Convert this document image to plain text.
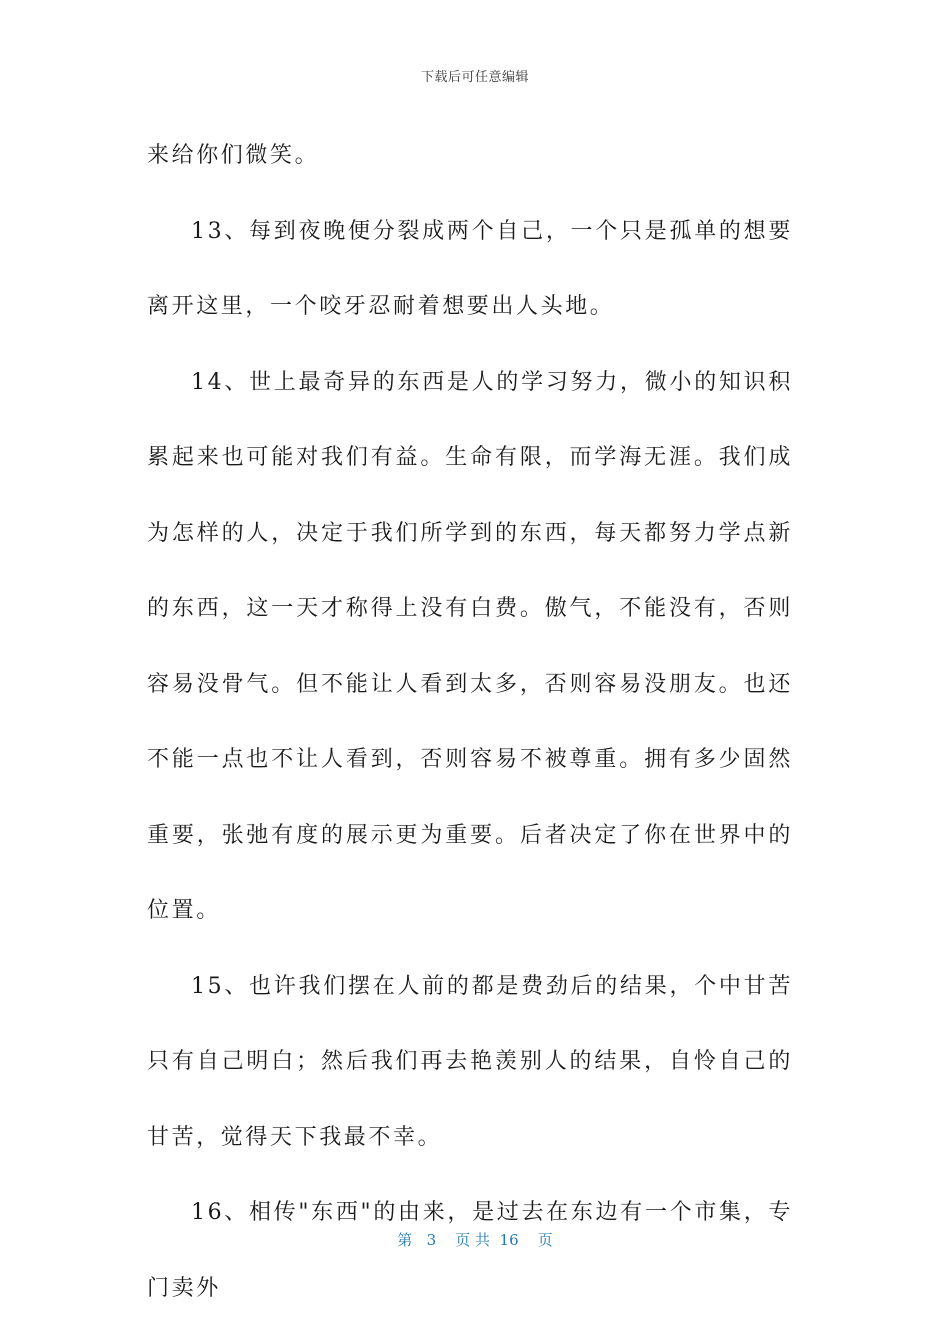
下载后可任意编辑

来给你们微笑。

13、每到夜晚便分裂成两个自己，一个只是孤单的想要离开这里，一个咬牙忍耐着想要出人头地。

14、世上最奇异的东西是人的学习努力，微小的知识积累起来也可能对我们有益。生命有限，而学海无涯。我们成为怎样的人，决定于我们所学到的东西，每天都努力学点新的东西，这一天才称得上没有白费。傲气，不能没有，否则容易没骨气。但不能让人看到太多，否则容易没朋友。也还不能一点也不让人看到，否则容易不被尊重。拥有多少固然重要，张弛有度的展示更为重要。后者决定了你在世界中的位置。

15、也许我们摆在人前的都是费劲后的结果，个中甘苦只有自己明白；然后我们再去艳羡别人的结果，自怜自己的甘苦，觉得天下我最不幸。

16、相传"东西"的由来，是过去在东边有一个市集，专门卖外

第 3 页 共 16 页
